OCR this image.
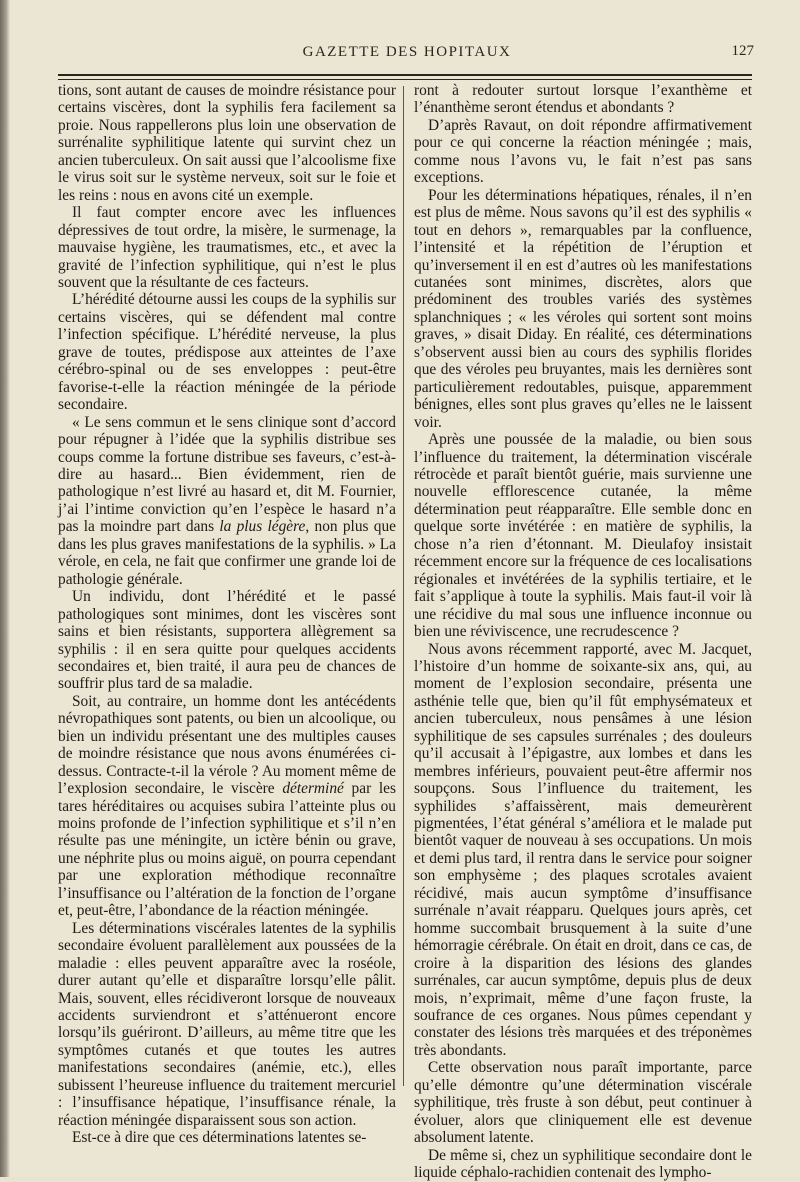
GAZETTE DES HOPITAUX	127

tions, sont autant de causes de moindre résistance pour certains viscères, dont la syphilis fera facilement sa proie. Nous rappellerons plus loin une observation de surrénalite syphilitique latente qui survint chez un ancien tuberculeux. On sait aussi que l’alcoolisme fixe le virus soit sur le système nerveux, soit sur le foie et les reins : nous en avons cité un exemple.

Il faut compter encore avec les influences dépressives de tout ordre, la misère, le surmenage, la mauvaise hygiène, les traumatismes, etc., et avec la gravité de l’infection syphilitique, qui n’est le plus souvent que la résultante de ces facteurs.

L’hérédité détourne aussi les coups de la syphilis sur certains viscères, qui se défendent mal contre l’infection spécifique. L’hérédité nerveuse, la plus grave de toutes, prédispose aux atteintes de l’axe cérébro-spinal ou de ses enveloppes : peut-être favorise-t-elle la réaction méningée de la période secondaire.

« Le sens commun et le sens clinique sont d’accord pour répugner à l’idée que la syphilis distribue ses coups comme la fortune distribue ses faveurs, c’est-à-dire au hasard... Bien évidemment, rien de pathologique n’est livré au hasard et, dit M. Fournier, j’ai l’intime conviction qu’en l’espèce le hasard n’a pas la moindre part dans la plus légère, non plus que dans les plus graves manifestations de la syphilis. » La vérole, en cela, ne fait que confirmer une grande loi de pathologie générale.

Un individu, dont l’hérédité et le passé pathologiques sont minimes, dont les viscères sont sains et bien résistants, supportera allègrement sa syphilis : il en sera quitte pour quelques accidents secondaires et, bien traité, il aura peu de chances de souffrir plus tard de sa maladie.

Soit, au contraire, un homme dont les antécédents névropathiques sont patents, ou bien un alcoolique, ou bien un individu présentant une des multiples causes de moindre résistance que nous avons énumérées ci-dessus. Contracte-t-il la vérole ? Au moment même de l’explosion secondaire, le viscère déterminé par les tares héréditaires ou acquises subira l’atteinte plus ou moins profonde de l’infection syphilitique et s’il n’en résulte pas une méningite, un ictère bénin ou grave, une néphrite plus ou moins aiguë, on pourra cependant par une exploration méthodique reconnaître l’insuffisance ou l’altération de la fonction de l’organe et, peut-être, l’abondance de la réaction méningée.

Les déterminations viscérales latentes de la syphilis secondaire évoluent parallèlement aux poussées de la maladie : elles peuvent apparaître avec la roséole, durer autant qu’elle et disparaître lorsqu’elle pâlit. Mais, souvent, elles récidiveront lorsque de nouveaux accidents surviendront et s’atténueront encore lorsqu’ils guériront. D’ailleurs, au même titre que les symptômes cutanés et que toutes les autres manifestations secondaires (anémie, etc.), elles subissent l’heureuse influence du traitement mercuriel : l’insuffisance hépatique, l’insuffisance rénale, la réaction méningée disparaissent sous son action.

Est-ce à dire que ces déterminations latentes se-

ront à redouter surtout lorsque l’exanthème et l’énanthème seront étendus et abondants ?

D’après Ravaut, on doit répondre affirmativement pour ce qui concerne la réaction méningée ; mais, comme nous l’avons vu, le fait n’est pas sans exceptions.

Pour les déterminations hépatiques, rénales, il n’en est plus de même. Nous savons qu’il est des syphilis « tout en dehors », remarquables par la confluence, l’intensité et la répétition de l’éruption et qu’inversement il en est d’autres où les manifestations cutanées sont minimes, discrètes, alors que prédominent des troubles variés des systèmes splanchniques ; « les véroles qui sortent sont moins graves, » disait Diday. En réalité, ces déterminations s’observent aussi bien au cours des syphilis florides que des véroles peu bruyantes, mais les dernières sont particulièrement redoutables, puisque, apparemment bénignes, elles sont plus graves qu’elles ne le laissent voir.

Après une poussée de la maladie, ou bien sous l’influence du traitement, la détermination viscérale rétrocède et paraît bientôt guérie, mais survienne une nouvelle efflorescence cutanée, la même détermination peut réapparaître. Elle semble donc en quelque sorte invétérée : en matière de syphilis, la chose n’a rien d’étonnant. M. Dieulafoy insistait récemment encore sur la fréquence de ces localisations régionales et invétérées de la syphilis tertiaire, et le fait s’applique à toute la syphilis. Mais faut-il voir là une récidive du mal sous une influence inconnue ou bien une réviviscence, une recrudescence ?

Nous avons récemment rapporté, avec M. Jacquet, l’histoire d’un homme de soixante-six ans, qui, au moment de l’explosion secondaire, présenta une asthénie telle que, bien qu’il fût emphysémateux et ancien tuberculeux, nous pensâmes à une lésion syphilitique de ses capsules surrénales ; des douleurs qu’il accusait à l’épigastre, aux lombes et dans les membres inférieurs, pouvaient peut-être affermir nos soupçons. Sous l’influence du traitement, les syphilides s’affaissèrent, mais demeurèrent pigmentées, l’état général s’améliora et le malade put bientôt vaquer de nouveau à ses occupations. Un mois et demi plus tard, il rentra dans le service pour soigner son emphysème ; des plaques scrotales avaient récidivé, mais aucun symptôme d’insuffisance surrénale n’avait réapparu. Quelques jours après, cet homme succombait brusquement à la suite d’une hémorragie cérébrale. On était en droit, dans ce cas, de croire à la disparition des lésions des glandes surrénales, car aucun symptôme, depuis plus de deux mois, n’exprimait, même d’une façon fruste, la soufrance de ces organes. Nous pûmes cependant y constater des lésions très marquées et des tréponèmes très abondants.

Cette observation nous paraît importante, parce qu’elle démontre qu’une détermination viscérale syphilitique, très fruste à son début, peut continuer à évoluer, alors que cliniquement elle est devenue absolument latente.

De même si, chez un syphilitique secondaire dont le liquide céphalo-rachidien contenait des lympho-
